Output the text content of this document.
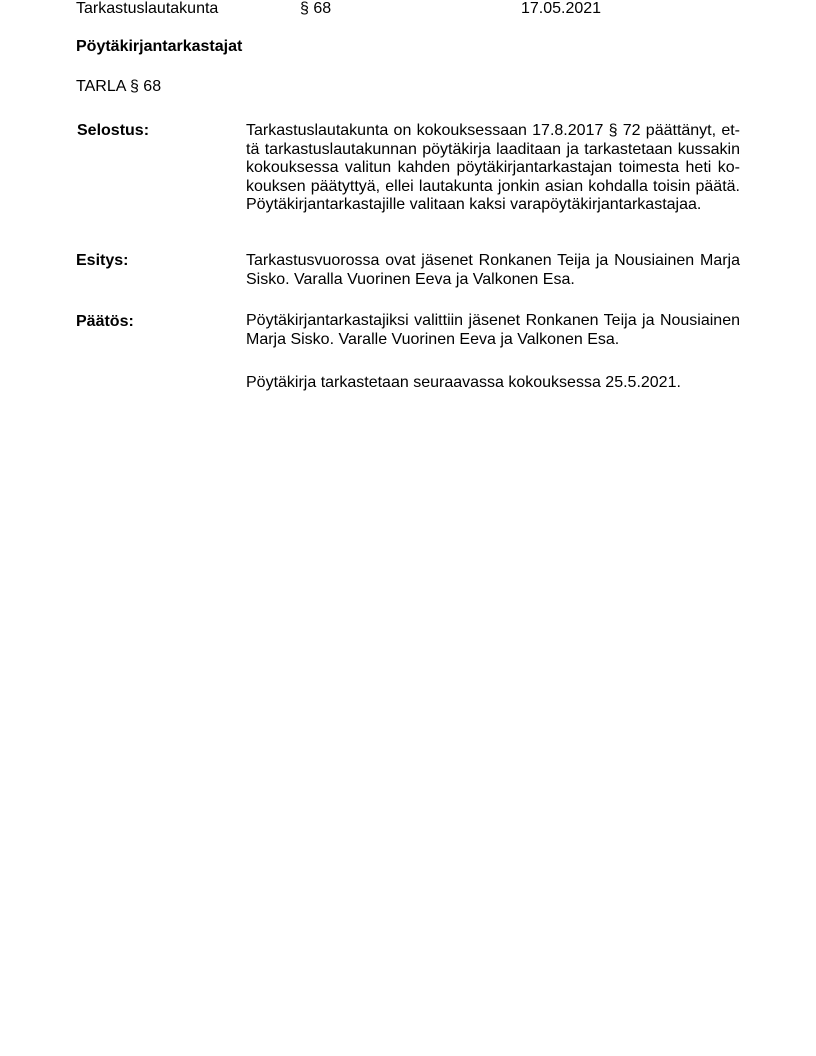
Tarkastuslautakunta	§ 68	17.05.2021
Pöytäkirjantarkastajat
TARLA § 68
Selostus:	Tarkastuslautakunta on kokouksessaan 17.8.2017 § 72 päättänyt, et-

tä tarkastuslautakunnan pöytäkirja laaditaan ja tarkastetaan kussakin

kokouksessa valitun kahden pöytäkirjantarkastajan toimesta heti ko-

kouksen päätyttyä, ellei lautakunta jonkin asian kohdalla toisin päätä.

Pöytäkirjantarkastajille valitaan kaksi varapöytäkirjantarkastajaa.

Esitys:	Tarkastusvuorossa ovat jäsenet Ronkanen Teija ja Nousiainen Marja

Sisko. Varalla Vuorinen Eeva ja Valkonen Esa.

Päätös:	Pöytäkirjantarkastajiksi valittiin jäsenet Ronkanen Teija ja Nousiainen

Marja Sisko. Varalle Vuorinen Eeva ja Valkonen Esa.

Pöytäkirja tarkastetaan seuraavassa kokouksessa 25.5.2021.
